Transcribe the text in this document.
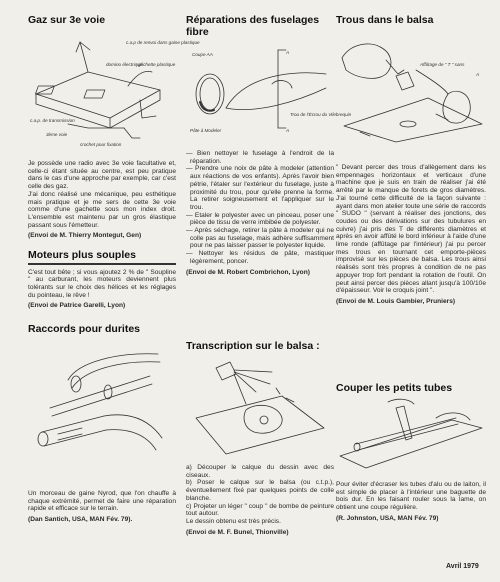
Gaz sur 3e voie
c.a.p de renvoi dans gaine plastique
domino électrique
gâchette plastique
c.a.p. de transmission
3ème voie
crochet pour fixation

Je possède une radio avec 3e voie facultative et, celle-ci étant située au centre, est peu pratique dans le cas d'une approche par exemple, car c'est celle des gaz.
J'ai donc réalisé une mécanique, peu esthétique mais pratique et je me sers de cette 3e voie comme d'une gachette sous mon index droit. L'ensemble est maintenu par un gros élastique passant sous l'émetteur.

(Envoi de M. Thierry Montegut, Gen)

Moteurs plus souples

C'est tout bête ; si vous ajoutez 2 % de " Soupline " au carburant, les moteurs deviennent plus tolérants sur le choix des hélices et les réglages du pointeau, le rêve !

(Envoi de Patrice Garelli, Lyon)

Raccords pour durites

Un morceau de gaine Nyrod, que l'on chauffe à chaque extrémité, permet de faire une réparation rapide et efficace sur le terrain.

(Dan Santich, USA, MAN Fév. 79).

Réparations des fuselages fibre
Coupe AA
Pâte à Modeler
Trou de l'Écrou du Vilebrequin
A
A

— Bien nettoyer le fuselage à l'endroit de la réparation.

— Prendre une noix de pâte à modeler (attention aux réactions de vos enfants). Après l'avoir bien pétrie, l'étaler sur l'extérieur du fuselage, juste à proximité du trou, pour qu'elle prenne la forme. La retirer soigneusement et l'appliquer sur le trou.

— Etaler le polyester avec un pinceau, poser une pièce de tissu de verre imbibée de polyester.

— Après séchage, retirer la pâte à modeler qui ne colle pas au fuselage, mais adhère suffisamment pour ne pas laisser passer le polyester liquide.

— Nettoyer les résidus de pâte, mastiquer légèrement, poncer.

(Envoi de M. Robert Combrichon, Lyon)

Transcription sur le balsa :

a) Découper le calque du dessin avec des ciseaux.

b) Poser le calque sur le balsa (ou c.t.p.), éventuellement fixé par quelques points de colle blanche.

c) Projeter un léger " coup " de bombe de peinture tout autour.

Le dessin obtenu est très précis.

(Envoi de M. F. Bunel, Thionville)

Trous dans le balsa
Affûtage de " T " sans
A

" Devant percer des trous d'allègement dans les empennages horizontaux et verticaux d'une machine que je suis en train de réaliser j'ai été arrêté par le manque de forets de gros diamètres. J'ai tourné cette difficulté de la façon suivante : ayant dans mon atelier toute une série de raccords " SUDO " (servant à réaliser des jonctions, des coudes ou des dérivations sur des tubulures en cuivre) j'ai pris des T de différents diamètres et après en avoir affûté le bord inférieur à l'aide d'une lime ronde (affûtage par l'intérieur) j'ai pu percer mes trous en tournant cet emporte-pièces improvisé sur les pièces de balsa. Les trous ainsi réalisés sont très propres à condition de ne pas appuyer trop fort pendant la rotation de l'outil. On peut ainsi percer des pièces allant jusqu'à 100/10e d'épaisseur. Voir le croquis joint ".

(Envoi de M. Louis Gambier, Pruniers)

Couper les petits tubes

Pour éviter d'écraser les tubes d'alu ou de laiton, il est simple de placer à l'intérieur une baguette de bois dur. En les faisant rouler sous la lame, on obtient une coupe régulière.

(R. Johnston, USA, MAN Fév. 79)

Avril 1979
